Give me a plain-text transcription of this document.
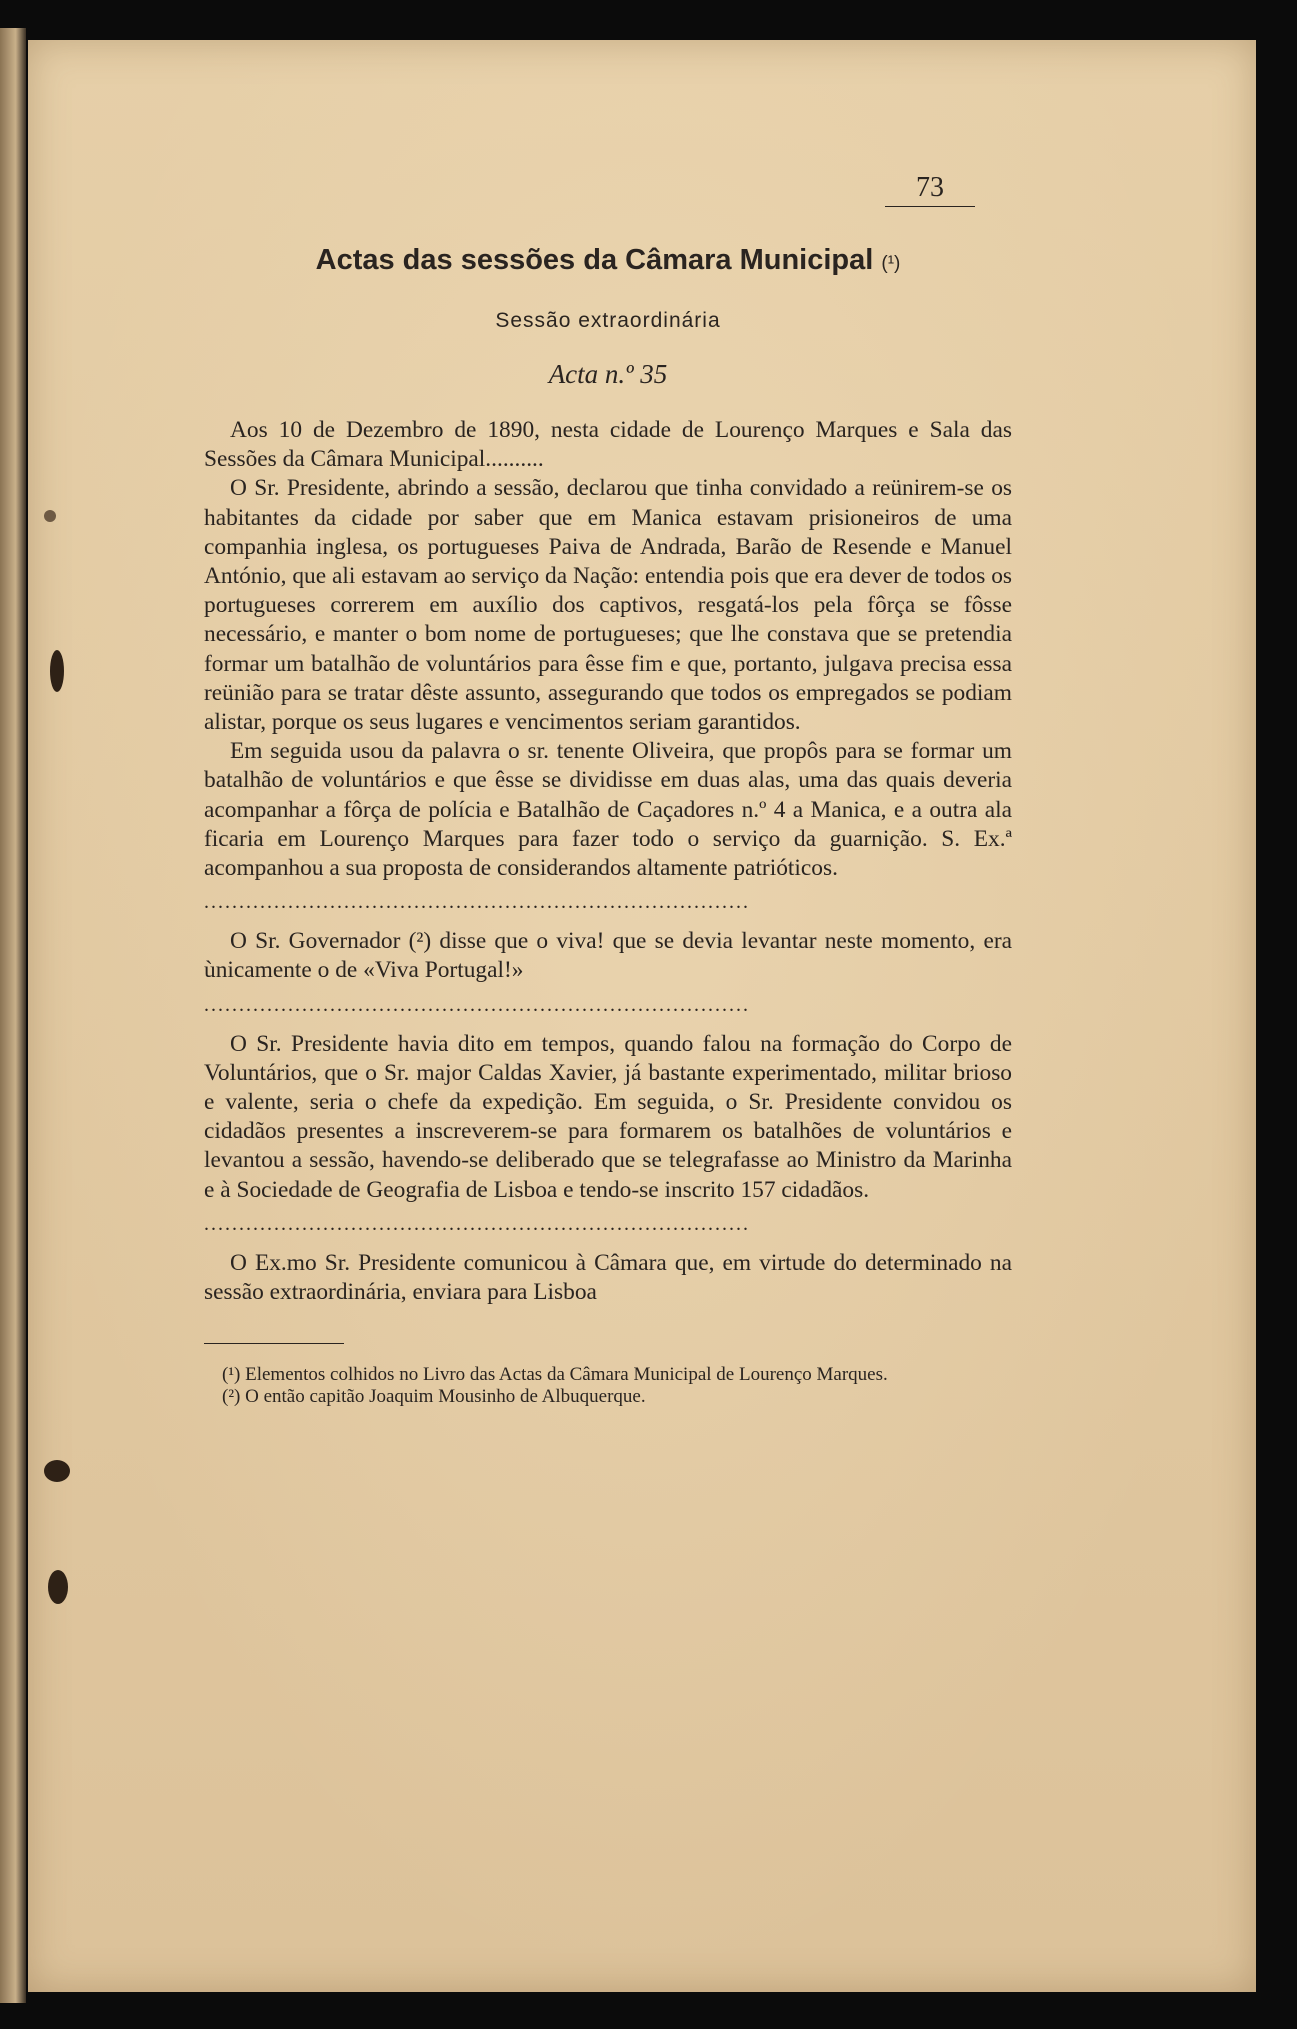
73
Actas das sessões da Câmara Municipal (¹)
Sessão extraordinária
Acta n.º 35

Aos 10 de Dezembro de 1890, nesta cidade de Lourenço Marques e Sala das Sessões da Câmara Municipal..........

O Sr. Presidente, abrindo a sessão, declarou que tinha convidado a reünirem-se os habitantes da cidade por saber que em Manica estavam prisioneiros de uma companhia inglesa, os portugueses Paiva de Andrada, Barão de Resende e Manuel António, que ali estavam ao serviço da Nação: entendia pois que era dever de todos os portugueses correrem em auxílio dos captivos, resgatá-los pela fôrça se fôsse necessário, e manter o bom nome de portugueses; que lhe constava que se pretendia formar um batalhão de voluntários para êsse fim e que, portanto, julgava precisa essa reünião para se tratar dêste assunto, assegurando que todos os empregados se podiam alistar, porque os seus lugares e vencimentos seriam garantidos.

Em seguida usou da palavra o sr. tenente Oliveira, que propôs para se formar um batalhão de voluntários e que êsse se dividisse em duas alas, uma das quais deveria acompanhar a fôrça de polícia e Batalhão de Caçadores n.º 4 a Manica, e a outra ala ficaria em Lourenço Marques para fazer todo o serviço da guarnição. S. Ex.ª acompanhou a sua proposta de considerandos altamente patrióticos.

..............................................................................

O Sr. Governador (²) disse que o viva! que se devia levantar neste momento, era ùnicamente o de «Viva Portugal!»

..............................................................................

O Sr. Presidente havia dito em tempos, quando falou na formação do Corpo de Voluntários, que o Sr. major Caldas Xavier, já bastante experimentado, militar brioso e valente, seria o chefe da expedição. Em seguida, o Sr. Presidente convidou os cidadãos presentes a inscreverem-se para formarem os batalhões de voluntários e levantou a sessão, havendo-se deliberado que se telegrafasse ao Ministro da Marinha e à Sociedade de Geografia de Lisboa e tendo-se inscrito 157 cidadãos.

..............................................................................

O Ex.mo Sr. Presidente comunicou à Câmara que, em virtude do determinado na sessão extraordinária, enviara para Lisboa

(¹) Elementos colhidos no Livro das Actas da Câmara Municipal de Lourenço Marques.

(²) O então capitão Joaquim Mousinho de Albuquerque.
